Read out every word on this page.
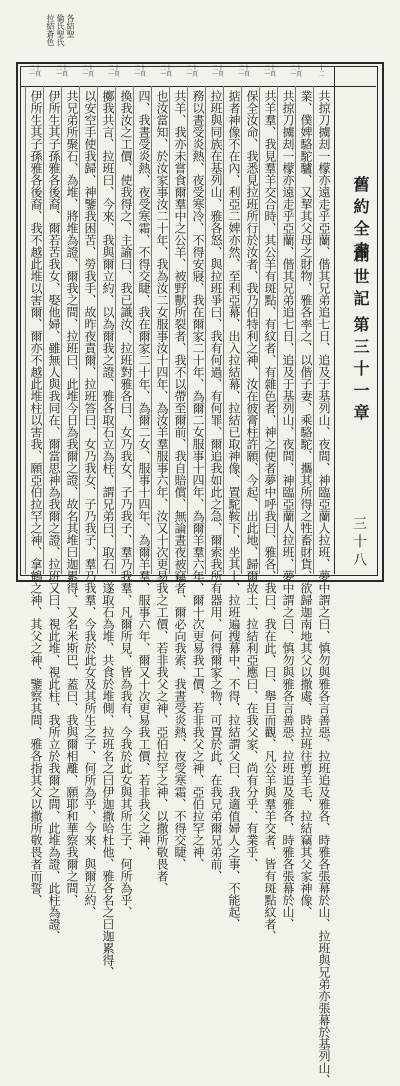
拉結蒼色 倫氏聖氏 各結聖
二十
一頁
二十
一頁
二十
一頁
二十
一頁
二十
一頁
二十
一頁
二十
一頁
二十
一頁
二十
一頁
二十
一頁
二十
一頁
十
二
舊約全書
創世記
第三十一章
三十八
共掠刀擄刦一檬亦遠走乎亞蘭、偕其兄弟追七日、追及于基列山、夜間、神臨亞蘭人拉班、夢中謂之曰、慎勿與雅各言善惡、拉班追及雅各、時雅各張幕於山、拉班與兄弟亦張幕於基列山、
業、僕婢駱駝驢、又挈其父母之財物、雅各率之、以偕子妻、乘駱駝、攜其所得之牲畜財貨、欲歸迦南地其父以撒處、時拉班往剪羊毛、拉結竊其父家神像、
共掠刀擄刦一檬亦遠走乎亞蘭、偕其兄弟追七日、追及于基列山、夜間、神臨亞蘭人拉班、夢中謂之曰、慎勿與雅各言善惡、拉班追及雅各、時雅各張幕於山、
共羊羣、我見羣羊交合時、其公羊有斑點、有紋者、有雜色者、神之使者夢中呼我曰、雅各、我曰、我在此、曰、舉目而觀、凡公羊與羣羊交者、皆有斑點紋者、
保全汝命、我悉見拉班所行於汝者、我乃伯特利之神、汝在彼膏柱許願、今起、出此地、歸爾故土、拉結利亞應曰、在我父家、尚有分乎、有業乎、
掂者神像不在內、利亞二婢亦然、至利亞幕、出入拉結幕、拉結已取神像、置駝鞍下、坐其上、拉班遍搜幕中、不得、拉結謂父曰、我適值婦人之事、不能起、
拉班與同族在基列山、雅各怒、與拉班爭曰、我有何過、有何罪、爾追我如此之急、爾索我所有器用、何得爾家之物、可置於此、在我兄弟爾兄弟前、
務以晝受炎熱、夜受寒冷、不得安寢、我在爾家二十年、為爾二女服事十四年、為爾羊羣六年、爾十次更易我工價、若非我父之神、亞伯拉罕之神、
共羊、我亦未嘗食爾羣中之公羊、被野獸所裂者、我不以帶至爾前、我自賠償、無論晝夜被竊者、爾必向我索、我晝受炎熱、夜受寒霜、不得交睫、
也汝當知、於汝家事汝二十年、我為汝二女服事汝十四年、為汝羊羣服事六年、汝又十次更易我之工價、若非我父之神、亞伯拉罕之神、以撒所敬畏者、
四、我晝受炎熱、夜受寒霜、不得交睫、我在爾家二十年、為爾二女、服事十四年、為爾羊羣、服事六年、爾又十次更易我工價、若非我父之神、
換我汝之工價、使我得之、主諭曰、我已識汝、拉班對雅各曰、女乃我女、子乃我子、羣乃我羣、凡爾所見、皆為我有、今我於此女與其所生子、何所為乎、
擲我共言、拉班曰、今來、我與爾立約、以為爾我之證、雅各取石立為柱、謂兄弟曰、取石、遂取石為堆、共食於堆側、拉班名之曰伊迦撒哈杜他、雅各名之曰迦累得、
以安空手使我歸、神鑒我困苦、勞我手、故昨夜責爾、拉班答曰、女乃我女、子乃我子、羣乃我羣、今我於此女及其所生之子、何所為乎、今來、與爾立約、
共兄弟所聚石、為堆、將堆為證、爾我之間、拉班曰、此堆今日為我爾之證、故名其堆曰迦累得、又名米斯巴、蓋曰、我與爾相離、願耶和華察我爾之間、
伊所生其子孫雅各後裔、爾若苦我女、娶他婦、雖無人與我同在、爾當思神為我爾之證、拉班又曰、視此堆、視此柱、我所立於我爾之間、此堆為證、此柱為證、
伊所生其子孫雅各後裔、我不越此堆以害爾、爾亦不越此堆柱以害我、願亞伯拉罕之神、拿鶴之神、其父之神、鑒察其間、雅各指其父以撒所敬畏者而誓、
